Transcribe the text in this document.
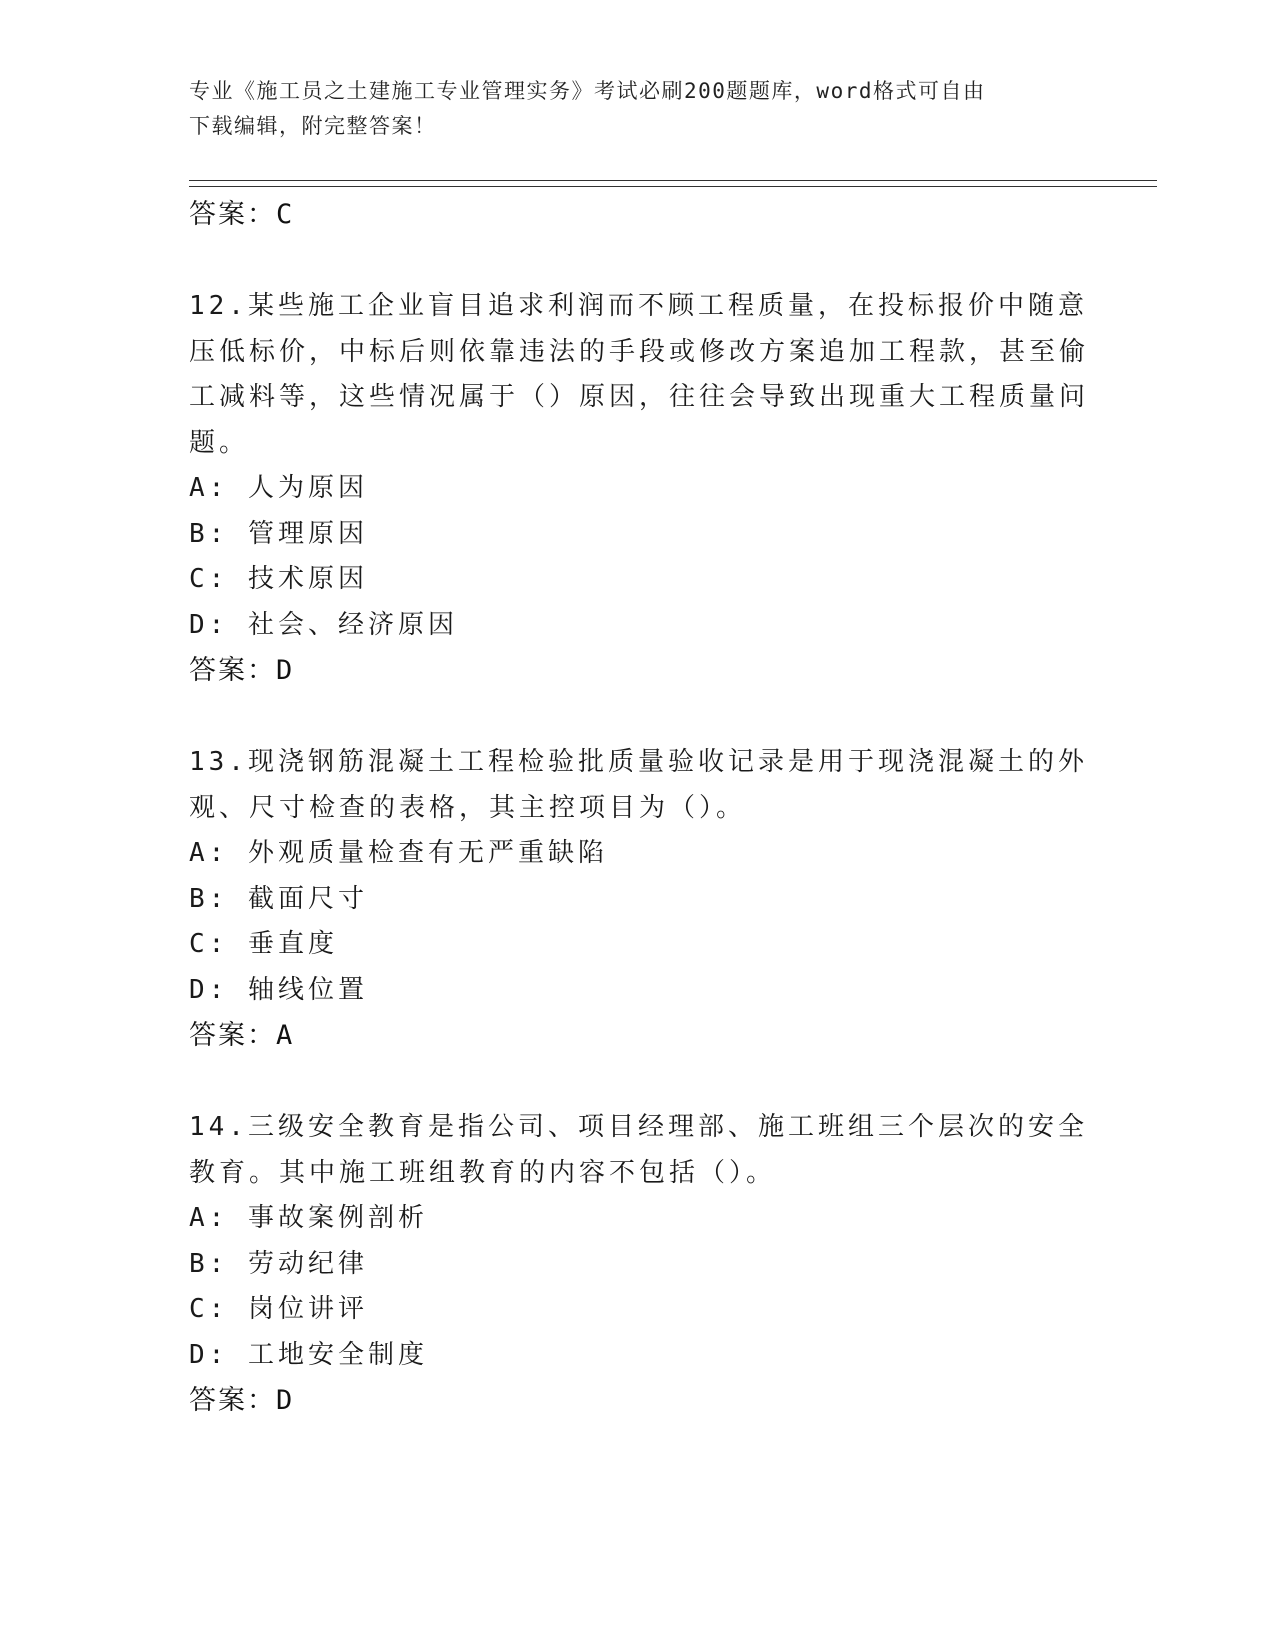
专业《施工员之土建施工专业管理实务》考试必刷200题题库，word格式可自由
下载编辑，附完整答案！
答案：C
12.某些施工企业盲目追求利润而不顾工程质量，在投标报价中随意压低标价，中标后则依靠违法的手段或修改方案追加工程款，甚至偷工减料等，这些情况属于（）原因，往往会导致出现重大工程质量问题。
A: 人为原因
B: 管理原因
C: 技术原因
D: 社会、经济原因
答案：D
13.现浇钢筋混凝土工程检验批质量验收记录是用于现浇混凝土的外观、尺寸检查的表格，其主控项目为（）。
A: 外观质量检查有无严重缺陷
B: 截面尺寸
C: 垂直度
D: 轴线位置
答案：A
14.三级安全教育是指公司、项目经理部、施工班组三个层次的安全教育。其中施工班组教育的内容不包括（）。
A: 事故案例剖析
B: 劳动纪律
C: 岗位讲评
D: 工地安全制度
答案：D
